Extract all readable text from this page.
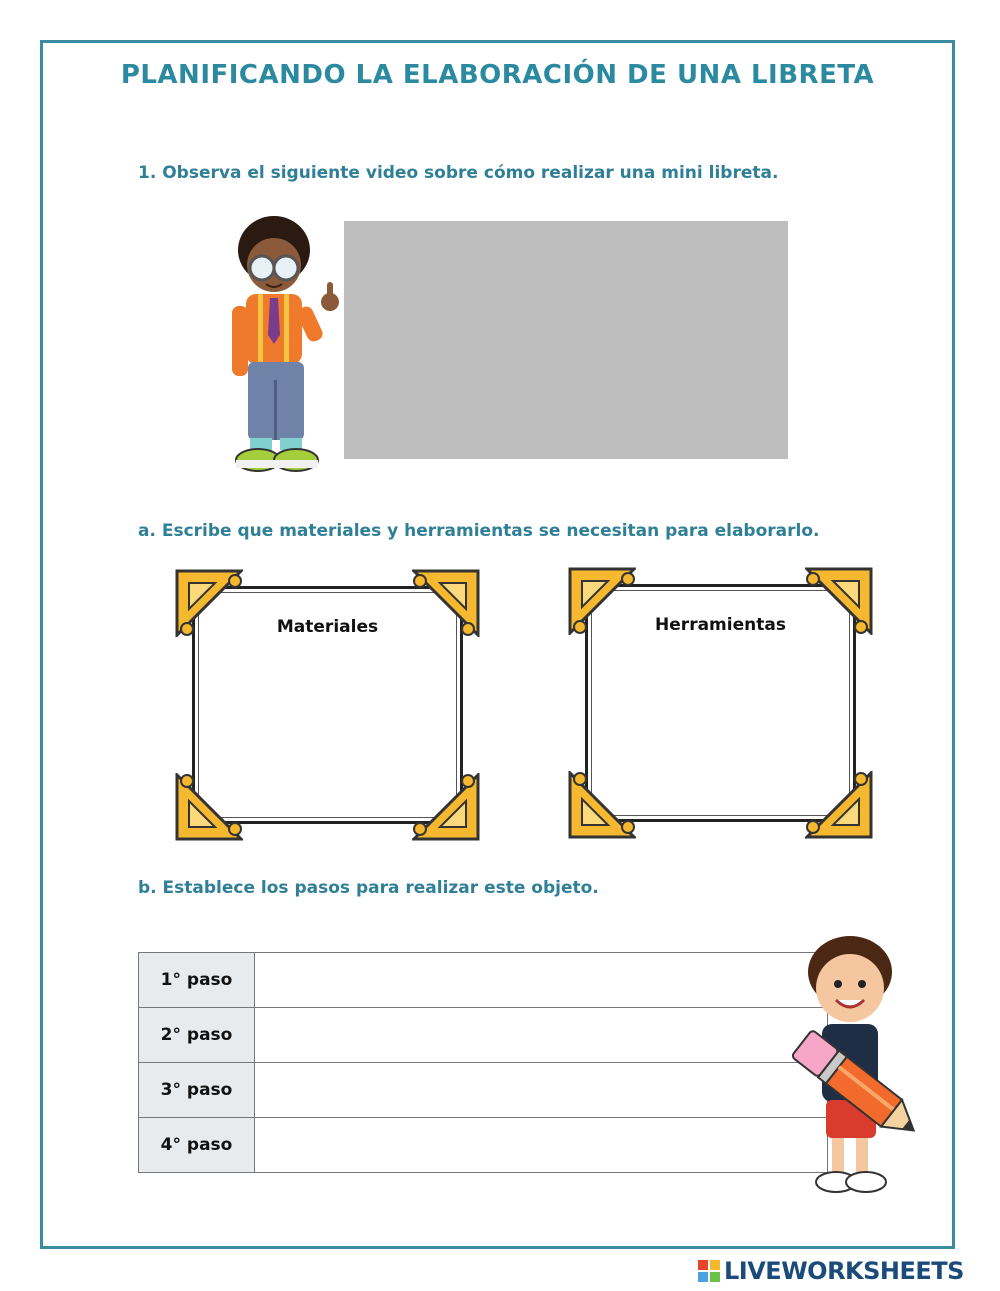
PLANIFICANDO LA ELABORACIÓN DE UNA LIBRETA
1. Observa el siguiente video sobre cómo realizar una mini libreta.
a. Escribe que materiales y herramientas se necesitan para elaborarlo.
Materiales	Herramientas
b. Establece los pasos para realizar este objeto.
1° paso	
2° paso	
3° paso	
4° paso	
LIVEWORKSHEETS
